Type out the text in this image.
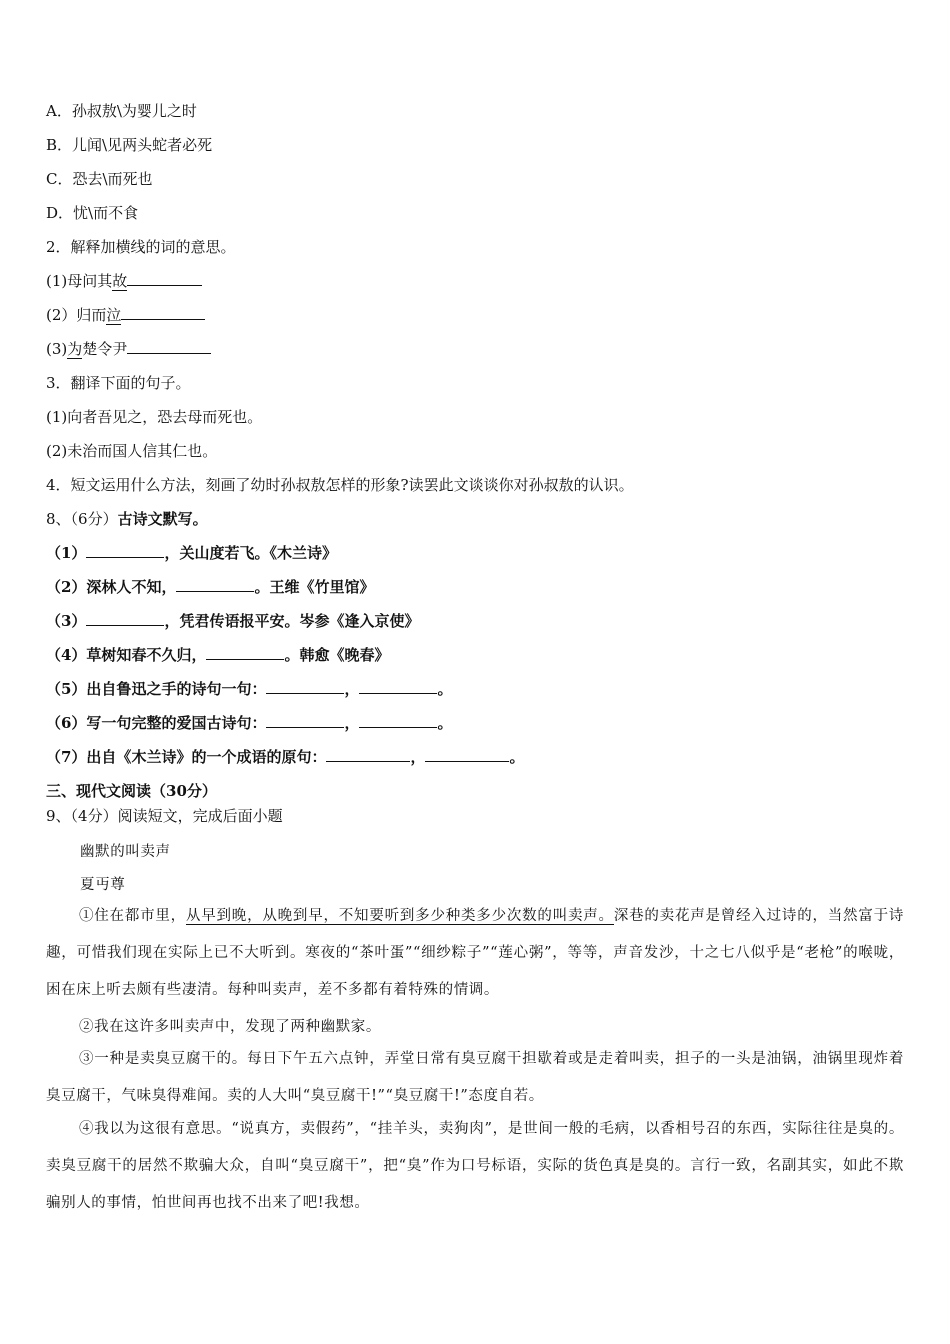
A．孙叔敖\为婴儿之时
B．儿闻\见两头蛇者必死
C．恐去\而死也
D．忧\而不食
2．解释加横线的词的意思。
(1)母问其故
(2）归而泣
(3)为楚令尹
3．翻译下面的句子。
(1)向者吾见之，恐去母而死也。
(2)未治而国人信其仁也。
4．短文运用什么方法，刻画了幼时孙叔敖怎样的形象?读罢此文谈谈你对孙叔敖的认识。
8、（6分）古诗文默写。
（1）	，关山度若飞。《木兰诗》
（2）深林人不知，	。王维《竹里馆》
（3）	，凭君传语报平安。岑参《逢入京使》
（4）草树知春不久归，	。韩愈《晚春》
（5）出自鲁迅之手的诗句一句：	，	。
（6）写一句完整的爱国古诗句：	，	。
（7）出自《木兰诗》的一个成语的原句：	，	。
三、现代文阅读（30分）
9、（4分）阅读短文，完成后面小题
幽默的叫卖声
夏丏尊
①住在都市里，从早到晚，从晚到早，不知要听到多少种类多少次数的叫卖声。深巷的卖花声是曾经入过诗的，当然富于诗趣，可惜我们现在实际上已不大听到。寒夜的“茶叶蛋”“细纱粽子”“莲心粥”，等等，声音发沙，十之七八似乎是“老枪”的喉咙，困在床上听去颇有些凄清。每种叫卖声，差不多都有着特殊的情调。
②我在这许多叫卖声中，发现了两种幽默家。
③一种是卖臭豆腐干的。每日下午五六点钟，弄堂日常有臭豆腐干担歇着或是走着叫卖，担子的一头是油锅，油锅里现炸着臭豆腐干，气味臭得难闻。卖的人大叫“臭豆腐干!”“臭豆腐干!”态度自若。
④我以为这很有意思。“说真方，卖假药”，“挂羊头，卖狗肉”，是世间一般的毛病，以香相号召的东西，实际往往是臭的。卖臭豆腐干的居然不欺骗大众，自叫“臭豆腐干”，把“臭”作为口号标语，实际的货色真是臭的。言行一致，名副其实，如此不欺骗别人的事情，怕世间再也找不出来了吧!我想。
